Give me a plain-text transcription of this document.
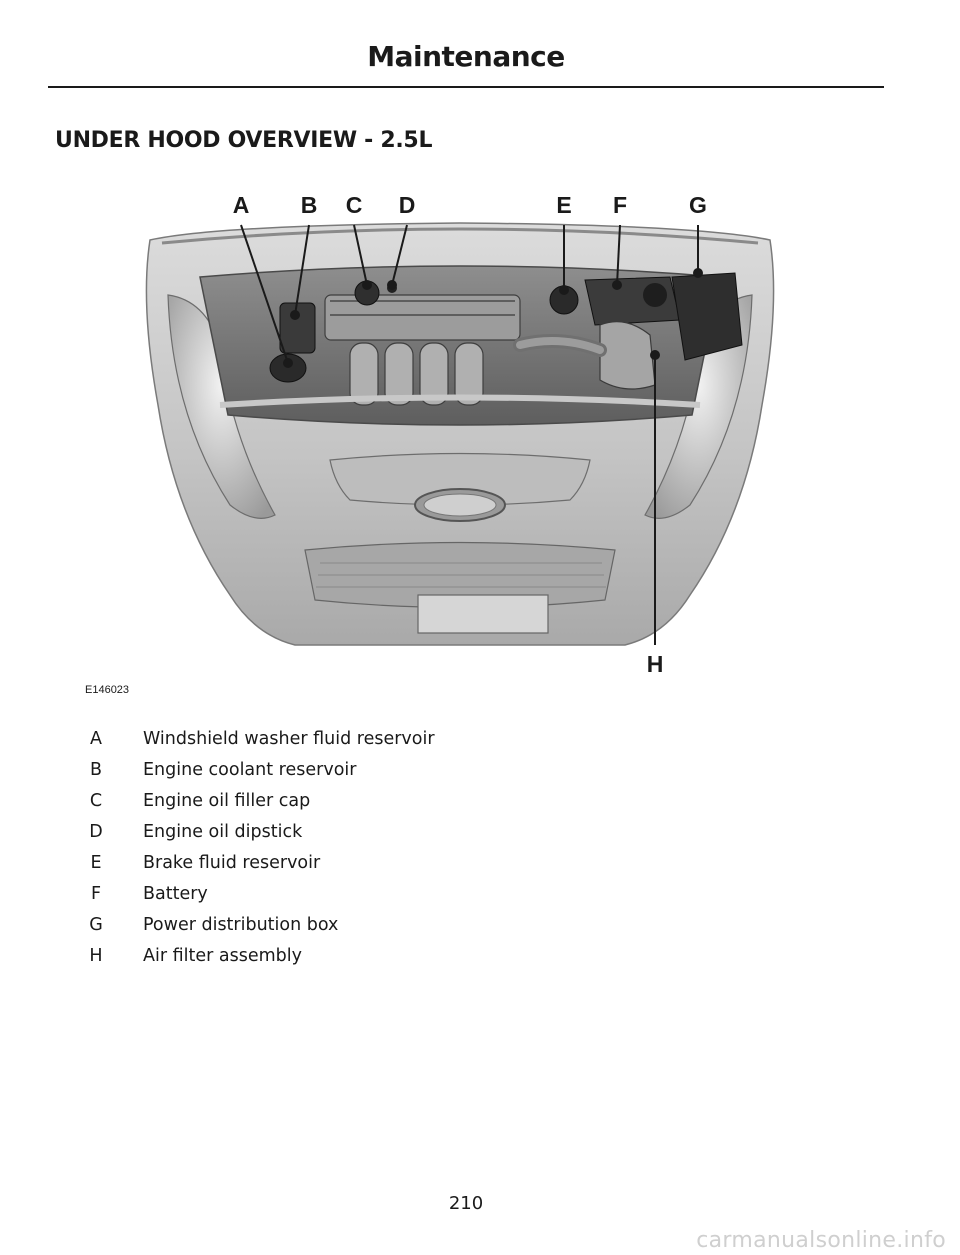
Maintenance
UNDER HOOD OVERVIEW - 2.5L
A B C D	E F	G
H
E146023
A Windshield washer fluid reservoir
B Engine coolant reservoir
C Engine oil filler cap
D Engine oil dipstick
E Brake fluid reservoir
F Battery
G Power distribution box
H Air filter assembly
210
carmanualsonline.info
